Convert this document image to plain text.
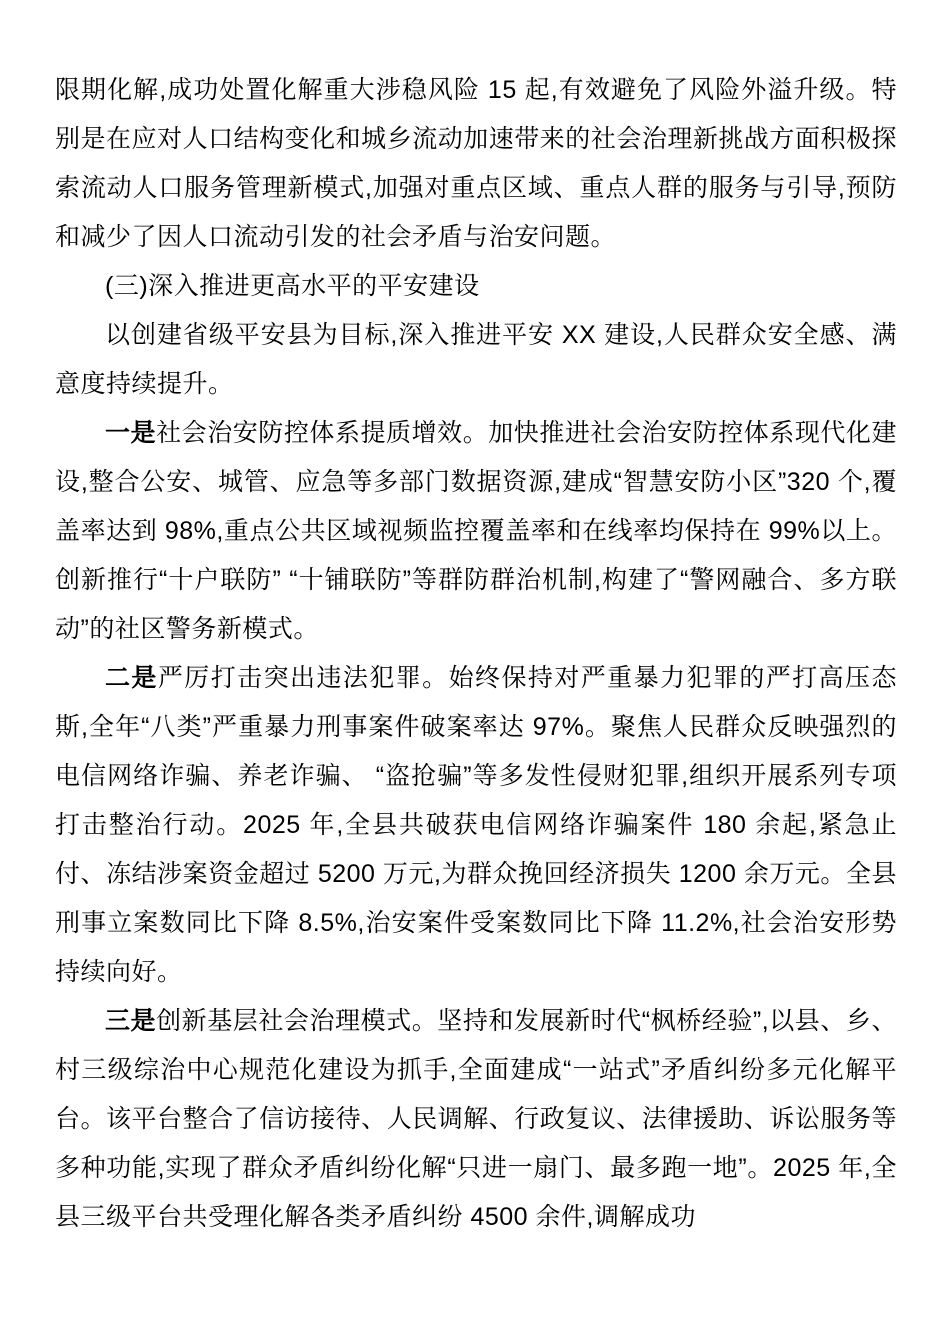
限期化解,成功处置化解重大涉稳风险 15 起,有效避免了风险外溢升级。特别是在应对人口结构变化和城乡流动加速带来的社会治理新挑战方面积极探索流动人口服务管理新模式,加强对重点区域、重点人群的服务与引导,预防和减少了因人口流动引发的社会矛盾与治安问题。

(三)深入推进更高水平的平安建设

以创建省级平安县为目标,深入推进平安 XX 建设,人民群众安全感、满意度持续提升。

一是社会治安防控体系提质增效。加快推进社会治安防控体系现代化建设,整合公安、城管、应急等多部门数据资源,建成“智慧安防小区”320 个,覆盖率达到 98%,重点公共区域视频监控覆盖率和在线率均保持在 99%以上。创新推行“十户联防” “十铺联防”等群防群治机制,构建了“警网融合、多方联动”的社区警务新模式。

二是严厉打击突出违法犯罪。始终保持对严重暴力犯罪的严打高压态斯,全年“八类”严重暴力刑事案件破案率达 97%。聚焦人民群众反映强烈的电信网络诈骗、养老诈骗、 “盗抢骗”等多发性侵财犯罪,组织开展系列专项打击整治行动。2025 年,全县共破获电信网络诈骗案件 180 余起,紧急止付、冻结涉案资金超过 5200 万元,为群众挽回经济损失 1200 余万元。全县刑事立案数同比下降 8.5%,治安案件受案数同比下降 11.2%,社会治安形势持续向好。

三是创新基层社会治理模式。坚持和发展新时代“枫桥经验”,以县、乡、村三级综治中心规范化建设为抓手,全面建成“一站式”矛盾纠纷多元化解平台。该平台整合了信访接待、人民调解、行政复议、法律援助、诉讼服务等多种功能,实现了群众矛盾纠纷化解“只进一扇门、最多跑一地”。2025 年,全县三级平台共受理化解各类矛盾纠纷 4500 余件,调解成功
